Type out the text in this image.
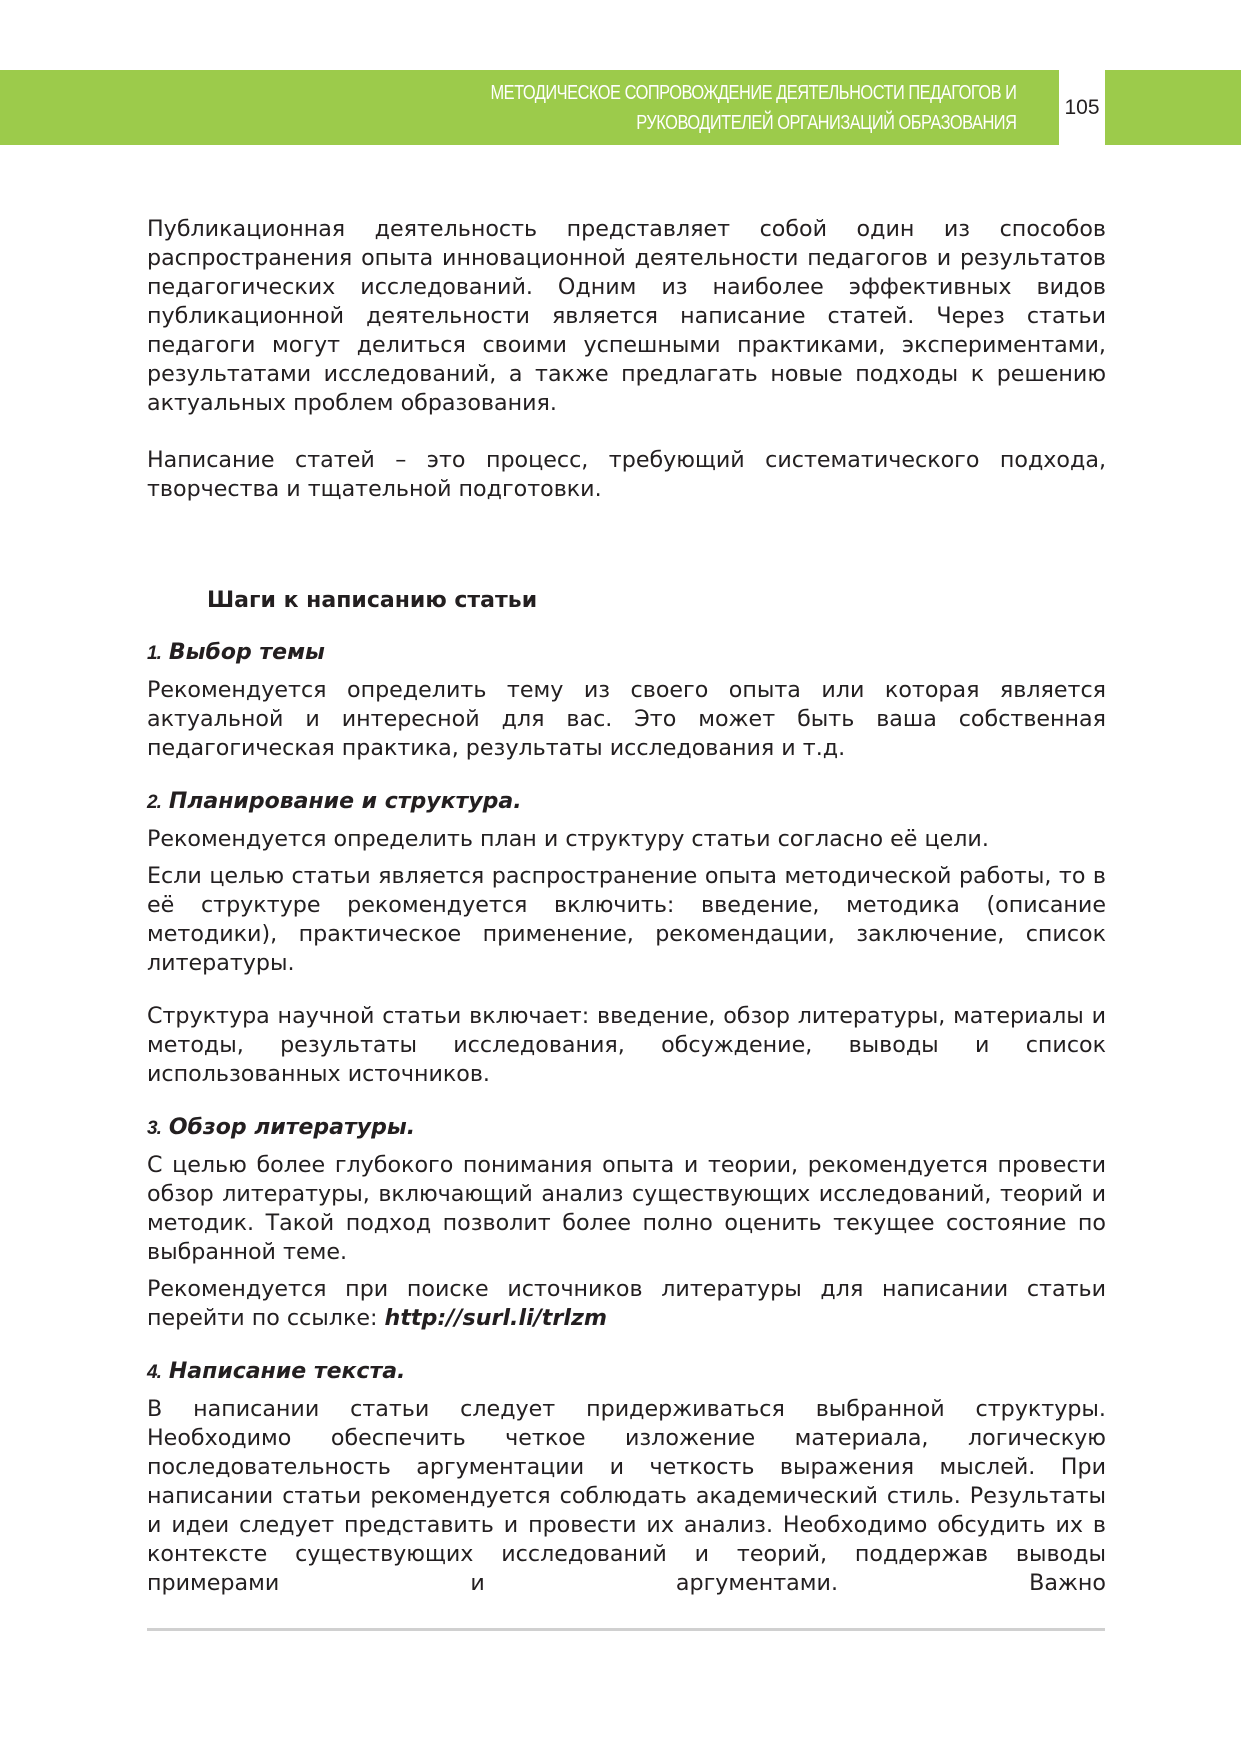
МЕТОДИЧЕСКОЕ СОПРОВОЖДЕНИЕ ДЕЯТЕЛЬНОСТИ ПЕДАГОГОВ И
РУКОВОДИТЕЛЕЙ ОРГАНИЗАЦИЙ ОБРАЗОВАНИЯ
105

Публикационная деятельность представляет собой один из способов распространения опыта инновационной деятельности педагогов и результатов педагогических исследований. Одним из наиболее эффективных видов публикационной деятельности является написание статей. Через статьи педагоги могут делиться своими успешными практиками, экспериментами, результатами исследований, а также предлагать новые подходы к решению актуальных проблем образования.

Написание статей – это процесс, требующий систематического подхода, творчества и тщательной подготовки.

Шаги к написанию статьи

1. Выбор темы

Рекомендуется определить тему из своего опыта или которая является актуальной и интересной для вас. Это может быть ваша собственная педагогическая практика, результаты исследования и т.д.

2. Планирование и структура.

Рекомендуется определить план и структуру статьи согласно её цели.

Если целью статьи является распространение опыта методической работы, то в её структуре рекомендуется включить: введение, методика (описание методики), практическое применение, рекомендации, заключение, список литературы.

Структура научной статьи включает: введение, обзор литературы, материалы и методы, результаты исследования, обсуждение, выводы и список использованных источников.

3. Обзор литературы.

С целью более глубокого понимания опыта и теории, рекомендуется провести обзор литературы, включающий анализ существующих исследований, теорий и методик. Такой подход позволит более полно оценить текущее состояние по выбранной теме.

Рекомендуется при поиске источников литературы для написании статьи перейти по ссылке: http://surl.li/trlzm

4. Написание текста.

В написании статьи следует придерживаться выбранной структуры. Необходимо обеспечить четкое изложение материала, логическую последовательность аргументации и четкость выражения мыслей. При написании статьи рекомендуется соблюдать академический стиль. Результаты и идеи следует представить и провести их анализ. Необходимо обсудить их в контексте существующих исследований и теорий, поддержав выводы примерами и аргументами. Важно
